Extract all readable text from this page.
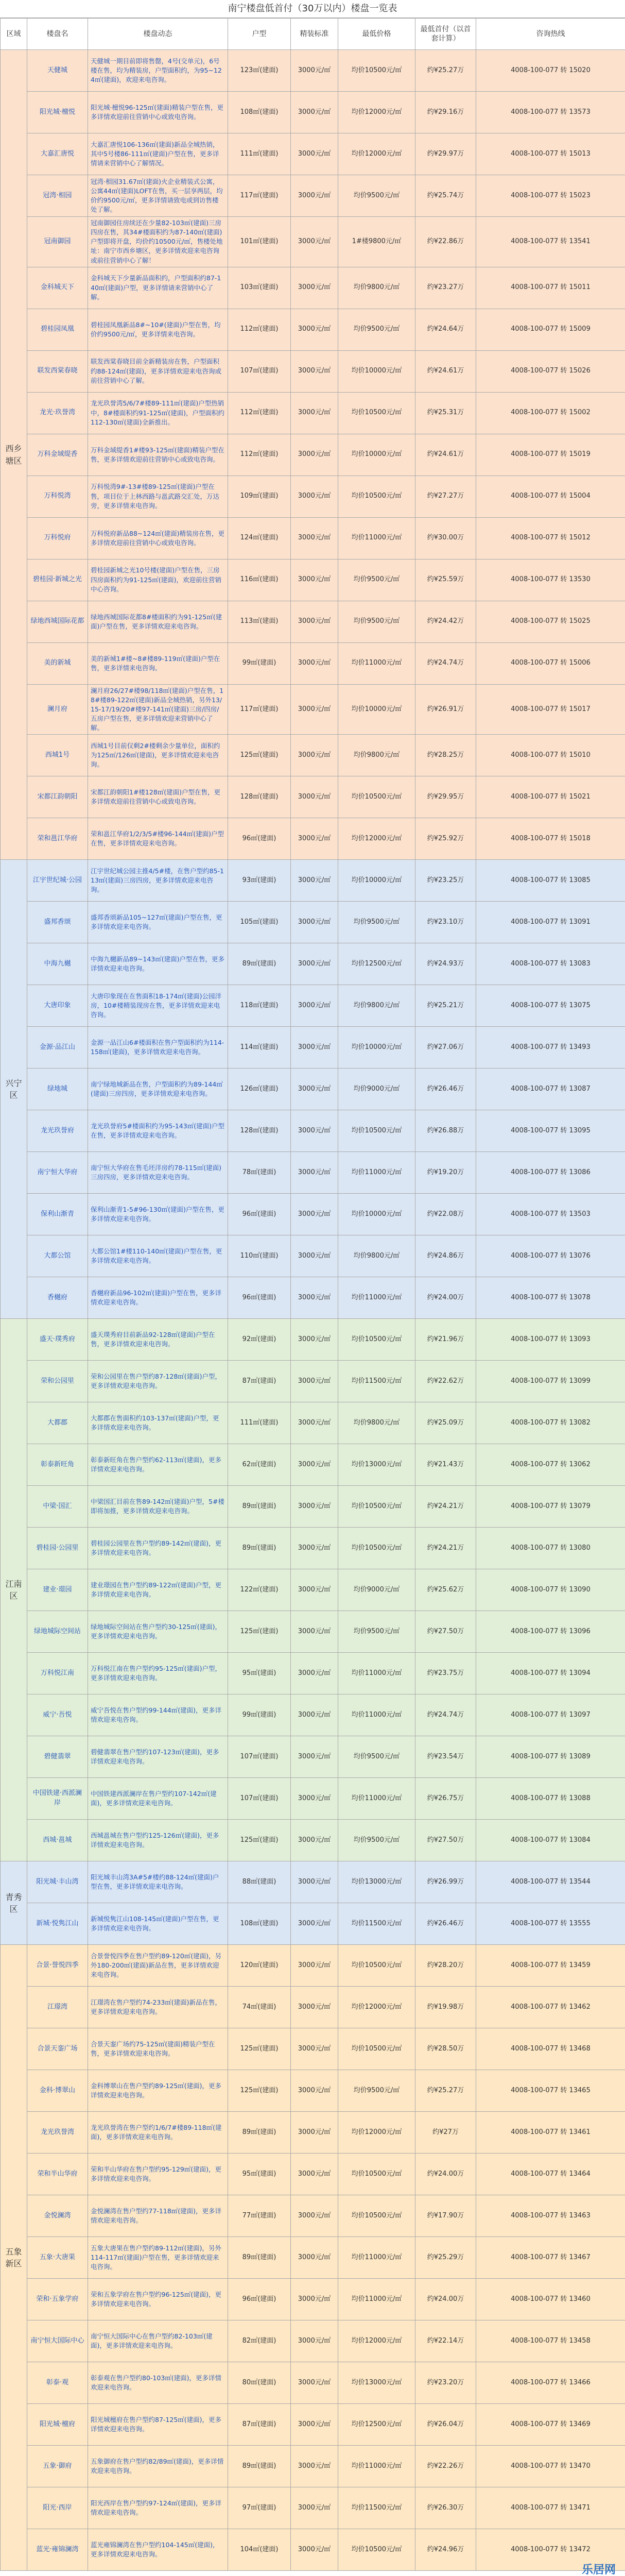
南宁楼盘低首付（30万以内）楼盘一览表
区域	楼盘名	楼盘动态	户型	精装标准	最低价格	最低首付（以首套计算）	咨询热线
西乡塘区	天健城	天健城一期目前即将售罄，4号(交单元)，6号楼在售，均为精装房，户型面积约，为95~124㎡(建面)，欢迎来电咨询。	123㎡(建面)	3000元/㎡	均价10500元/㎡	约¥25.27万	4008-100-077 转 15020
	阳光城·檀悦	阳光城·檀悦96-125㎡(建面)精装户型在售，更多详情欢迎前往营销中心或致电咨询。	108㎡(建面)	3000元/㎡	均价12000元/㎡	约¥29.16万	4008-100-077 转 13573
	大嘉汇唐悦	大嘉汇唐悦106-136㎡(建面)新品全城热销，其中5号楼86-111㎡(建面)户型在售，更多详情请来营销中心了解情况。	111㎡(建面)	3000元/㎡	均价12000元/㎡	约¥29.97万	4008-100-077 转 15013
	冠湾·相园	冠湾·相园31.67㎡(建面)火企业精装式公寓，公寓44㎡(建面)LOFT在售，买一层享两层，均价约9500元/㎡，更多详情请致电或到访售楼处了解。	117㎡(建面)	3000元/㎡	均价9500元/㎡	约¥25.74万	4008-100-077 转 15023
	冠南御园	冠南御园住房续还在少量82-103㎡(建面)三房四房在售，其34#楼面积约为87-140㎡(建面)户型即将开盘，均价约10500元/㎡，售楼处地址：南宁市西乡塘区，更多详情欢迎来电咨询或前往营销中心了解！	101㎡(建面)	3000元/㎡	1#楼9800元/㎡	约¥22.86万	4008-100-077 转 13541
	金科城天下	金科城天下少量新品面积约，户型面积约87-140㎡(建面)户型，更多详情请来营销中心了解。	103㎡(建面)	3000元/㎡	均价9800元/㎡	约¥23.27万	4008-100-077 转 15011
	碧桂园凤凰	碧桂园凤凰新品8#~10#(建面)户型在售，均价约9500元/㎡，更多详情来电咨询。	112㎡(建面)	3000元/㎡	均价9500元/㎡	约¥24.64万	4008-100-077 转 15009
	联发西棠春晓	联发西棠春晓目前全新精装房在售，户型面积约88-124㎡(建面)，更多详情欢迎来电咨询或前往营销中心了解。	107㎡(建面)	3000元/㎡	均价10000元/㎡	约¥24.61万	4008-100-077 转 15026
	龙光·玖誉湾	龙光玖誉湾5/6/7#楼89-111㎡(建面)户型热销中，8#楼面积约91-125㎡(建面)，户型面积约112-130㎡(建面)全新推出。	112㎡(建面)	3000元/㎡	均价10500元/㎡	约¥25.31万	4008-100-077 转 15002
	万科金域缇香	万科金域缇香1#楼93-125㎡(建面)精装户型在售，更多详情欢迎前往营销中心或致电咨询。	112㎡(建面)	3000元/㎡	均价10000元/㎡	约¥24.61万	4008-100-077 转 15019
	万科悦湾	万科悦湾9#-13#楼89-125㎡(建面)户型在售，项目位于上林西路与邕武路交汇处，万达旁，更多详情来电咨询。	109㎡(建面)	3000元/㎡	均价10500元/㎡	约¥27.27万	4008-100-077 转 15004
	万科悦府	万科悦府新品88~124㎡(建面)精装房在售，更多详情欢迎前往营销中心或致电咨询。	124㎡(建面)	3000元/㎡	均价11000元/㎡	约¥30.00万	4008-100-077 转 15012
	碧桂园·新城之光	碧桂园新城之光10号楼(建面)户型在售，三房四房面积约为91-125㎡(建面)，欢迎前往营销中心咨询。	116㎡(建面)	3000元/㎡	均价9500元/㎡	约¥25.59万	4008-100-077 转 13530
	绿地西城国际花都	绿地西城国际花都8#楼面积约为91-125㎡(建面)户型在售，更多详情欢迎来电咨询。	113㎡(建面)	3000元/㎡	均价9500元/㎡	约¥24.42万	4008-100-077 转 15025
	美的新城	美的新城1#楼~8#楼89-119㎡(建面)户型在售，更多详情来电咨询。	99㎡(建面)	3000元/㎡	均价11000元/㎡	约¥24.74万	4008-100-077 转 15006
	澜月府	澜月府26/27#楼98/118㎡(建面)户型在售，18#楼89-122㎡(建面)新品全城热销，另外13/15-17/19/20#楼97-141㎡(建面)三房/四房/五房户型在售，更多详情欢迎来营销中心了解。	117㎡(建面)	3000元/㎡	均价10000元/㎡	约¥26.91万	4008-100-077 转 15017
	西城1号	西城1号目前仅剩2#楼剩余少量单位，面积约为125㎡/126㎡(建面)，更多详情欢迎来电咨询。	125㎡(建面)	3000元/㎡	均价9800元/㎡	约¥28.25万	4008-100-077 转 15010
	宋都江韵朝阳	宋都江韵朝阳1#楼128㎡(建面)户型在售，更多详情欢迎前往营销中心或致电咨询。	128㎡(建面)	3000元/㎡	均价10500元/㎡	约¥29.95万	4008-100-077 转 15021
	荣和邕江华府	荣和邕江华府1/2/3/5#楼96-144㎡(建面)户型在售，更多详情欢迎来电咨询。	96㎡(建面)	3000元/㎡	均价12000元/㎡	约¥25.92万	4008-100-077 转 15018
兴宁区	江宇世纪城·公园	江宇世纪城公园主推4/5#楼，在售户型约85-113㎡(建面)三房四房，更多详情欢迎来电咨询。	93㎡(建面)	3000元/㎡	均价10000元/㎡	约¥23.25万	4008-100-077 转 13085
	盛邦香颂	盛邦香颂新品105~127㎡(建面)户型在售，更多详情欢迎来电咨询。	105㎡(建面)	3000元/㎡	均价9500元/㎡	约¥23.10万	4008-100-077 转 13091
	中海九樾	中海九樾新品89~143㎡(建面)户型在售，更多详情欢迎来电咨询。	89㎡(建面)	3000元/㎡	均价12500元/㎡	约¥24.93万	4008-100-077 转 13083
	大唐印象	大唐印象现在在售面积18-174㎡(建面)公园洋房，10#楼精装现房在售，更多详情欢迎来电咨询。	118㎡(建面)	3000元/㎡	均价9800元/㎡	约¥25.21万	4008-100-077 转 13075
	金源·品江山	金源一品江山6#楼面积在售户型面积约为114-158㎡(建面)，更多详情欢迎来电咨询。	114㎡(建面)	3000元/㎡	均价10000元/㎡	约¥27.06万	4008-100-077 转 13493
	绿地城	南宁绿地城新品在售，户型面积约为89-144㎡(建面)三房四房，更多详情欢迎来电咨询。	126㎡(建面)	3000元/㎡	均价9000元/㎡	约¥26.46万	4008-100-077 转 13087
	龙光玖誉府	龙光玖誉府5#楼面积约为95-143㎡(建面)户型在售，更多详情欢迎来电咨询。	128㎡(建面)	3000元/㎡	均价10500元/㎡	约¥26.88万	4008-100-077 转 13095
	南宁恒大华府	南宁恒大华府在售毛坯洋房约78-115㎡(建面)三房四房，更多详情欢迎来电咨询。	78㎡(建面)	3000元/㎡	均价11000元/㎡	约¥19.20万	4008-100-077 转 13086
	保利山渐青	保利山渐青1-5#96-130㎡(建面)户型在售，更多详情欢迎来电咨询。	96㎡(建面)	3000元/㎡	均价10000元/㎡	约¥22.08万	4008-100-077 转 13503
	大都公馆	大都公馆1#楼110-140㎡(建面)户型在售，更多详情欢迎来电咨询。	110㎡(建面)	3000元/㎡	均价9800元/㎡	约¥24.86万	4008-100-077 转 13076
	香樾府	香樾府新品96-102㎡(建面)户型在售，更多详情欢迎来电咨询。	96㎡(建面)	3000元/㎡	均价11000元/㎡	约¥24.00万	4008-100-077 转 13078
江南区	盛天·璞秀府	盛天璞秀府目前新品92-128㎡(建面)户型在售，更多详情欢迎来电咨询。	92㎡(建面)	3000元/㎡	均价10500元/㎡	约¥21.96万	4008-100-077 转 13093
	荣和公园里	荣和公园里在售户型约87-128㎡(建面)户型，更多详情欢迎来电咨询。	87㎡(建面)	3000元/㎡	均价11500元/㎡	约¥22.62万	4008-100-077 转 13099
	大都郡	大都郡在售面积约103-137㎡(建面)户型，更多详情欢迎来电咨询。	111㎡(建面)	3000元/㎡	均价9800元/㎡	约¥25.09万	4008-100-077 转 13082
	彰泰新旺角	彰泰新旺角在售户型约62-113㎡(建面)，更多详情欢迎来电咨询。	62㎡(建面)	3000元/㎡	均价13000元/㎡	约¥21.43万	4008-100-077 转 13062
	中梁·国汇	中梁国汇目前在售89-142㎡(建面)户型，5#楼即将加推，更多详情欢迎来电咨询。	89㎡(建面)	3000元/㎡	均价10500元/㎡	约¥24.21万	4008-100-077 转 13079
	碧桂园·公园里	碧桂园公园里在售户型约89-142㎡(建面)，更多详情欢迎来电咨询。	89㎡(建面)	3000元/㎡	均价10500元/㎡	约¥24.21万	4008-100-077 转 13080
	建业·璟园	建业璟园在售户型约89-122㎡(建面)户型，更多详情欢迎来电咨询。	122㎡(建面)	3000元/㎡	均价9000元/㎡	约¥25.62万	4008-100-077 转 13090
	绿地城际空间站	绿地城际空间站在售户型约30-125㎡(建面)，更多详情欢迎来电咨询。	125㎡(建面)	3000元/㎡	均价9500元/㎡	约¥27.50万	4008-100-077 转 13096
	万科悦江南	万科悦江南在售户型约95-125㎡(建面)户型，更多详情欢迎来电咨询。	95㎡(建面)	3000元/㎡	均价11000元/㎡	约¥23.75万	4008-100-077 转 13094
	威宁·吾悦	威宁吾悦在售户型约99-144㎡(建面)，更多详情欢迎来电咨询。	99㎡(建面)	3000元/㎡	均价11000元/㎡	约¥24.74万	4008-100-077 转 13097
	碧健翡翠	碧健翡翠在售户型约107-123㎡(建面)，更多详情欢迎来电咨询。	107㎡(建面)	3000元/㎡	均价9500元/㎡	约¥23.54万	4008-100-077 转 13089
	中国铁建·西派澜岸	中国铁建西派澜岸在售户型约107-142㎡(建面)，更多详情欢迎来电咨询。	107㎡(建面)	3000元/㎡	均价11000元/㎡	约¥26.75万	4008-100-077 转 13088
	西城·邕城	西城邕城在售户型约125-126㎡(建面)，更多详情欢迎来电咨询。	125㎡(建面)	3000元/㎡	均价9500元/㎡	约¥27.50万	4008-100-077 转 13084
青秀区	阳光城·丰山湾	阳光城丰山湾3A#5#楼约88-124㎡(建面)户型在售，更多详情欢迎来电咨询。	88㎡(建面)	3000元/㎡	均价13000元/㎡	约¥26.99万	4008-100-077 转 13544
	新城·悦隽江山	新城悦隽江山108-145㎡(建面)户型在售，更多详情欢迎来电咨询。	108㎡(建面)	3000元/㎡	均价11500元/㎡	约¥26.46万	4008-100-077 转 13555
五象新区	合景·誉悦四季	合景誉悦四季在售户型约89-120㎡(建面)，另外180-200㎡(建面)新品在售，更多详情欢迎来电咨询。	120㎡(建面)	3000元/㎡	均价10500元/㎡	约¥28.20万	4008-100-077 转 13459
	江璟湾	江璟湾在售户型约74-233㎡(建面)新品在售，更多详情欢迎来电咨询。	74㎡(建面)	3000元/㎡	均价12000元/㎡	约¥19.98万	4008-100-077 转 13462
	合景天銮广场	合景天銮广场约75-125㎡(建面)精装户型在售，更多详情欢迎来电咨询。	125㎡(建面)	3000元/㎡	均价10500元/㎡	约¥28.50万	4008-100-077 转 13468
	金科·博翠山	金科博翠山在售户型约89-125㎡(建面)，更多详情欢迎来电咨询。	125㎡(建面)	3000元/㎡	均价9500元/㎡	约¥25.27万	4008-100-077 转 13465
	龙光玖誉湾	龙光玖誉湾在售户型约1/6/7#楼89-118㎡(建面)，更多详情欢迎来电咨询。	89㎡(建面)	3000元/㎡	均价12000元/㎡	约¥27万	4008-100-077 转 13461
	荣和半山华府	荣和半山华府在售户型约95-129㎡(建面)，更多详情欢迎来电咨询。	95㎡(建面)	3000元/㎡	均价10500元/㎡	约¥24.00万	4008-100-077 转 13464
	金悦澜湾	金悦澜湾在售户型约77-118㎡(建面)，更多详情欢迎来电咨询。	77㎡(建面)	3000元/㎡	均价10500元/㎡	约¥17.90万	4008-100-077 转 13463
	五象·大唐果	五象大唐果在售户型约89-112㎡(建面)，另外114-117㎡(建面)户型在售，更多详情欢迎来电咨询。	89㎡(建面)	3000元/㎡	均价11000元/㎡	约¥25.29万	4008-100-077 转 13467
	荣和·五象学府	荣和五象学府在售户型约96-125㎡(建面)，更多详情欢迎来电咨询。	96㎡(建面)	3000元/㎡	均价11000元/㎡	约¥24.00万	4008-100-077 转 13460
	南宁恒大国际中心	南宁恒大国际中心在售户型约82-103㎡(建面)，更多详情欢迎来电咨询。	82㎡(建面)	3000元/㎡	均价12000元/㎡	约¥22.14万	4008-100-077 转 13458
	彰泰·观	彰泰观在售户型约80-103㎡(建面)，更多详情欢迎来电咨询。	80㎡(建面)	3000元/㎡	均价13000元/㎡	约¥23.20万	4008-100-077 转 13466
	阳光城·檀府	阳光城檀府在售户型约87-125㎡(建面)，更多详情欢迎来电咨询。	87㎡(建面)	3000元/㎡	均价12500元/㎡	约¥26.04万	4008-100-077 转 13469
	五象·御府	五象御府在售户型约82/89㎡(建面)，更多详情欢迎来电咨询。	89㎡(建面)	3000元/㎡	均价11000元/㎡	约¥22.26万	4008-100-077 转 13470
	阳光·西岸	阳光西岸在售户型约97-124㎡(建面)，更多详情欢迎来电咨询。	97㎡(建面)	3000元/㎡	均价11500元/㎡	约¥26.30万	4008-100-077 转 13471
	蓝光·雍锦澜湾	蓝光雍锦澜湾在售户型约104-145㎡(建面)，更多详情欢迎来电咨询。	104㎡(建面)	3000元/㎡	均价10500元/㎡	约¥24.96万	4008-100-077 转 13472
乐居网
